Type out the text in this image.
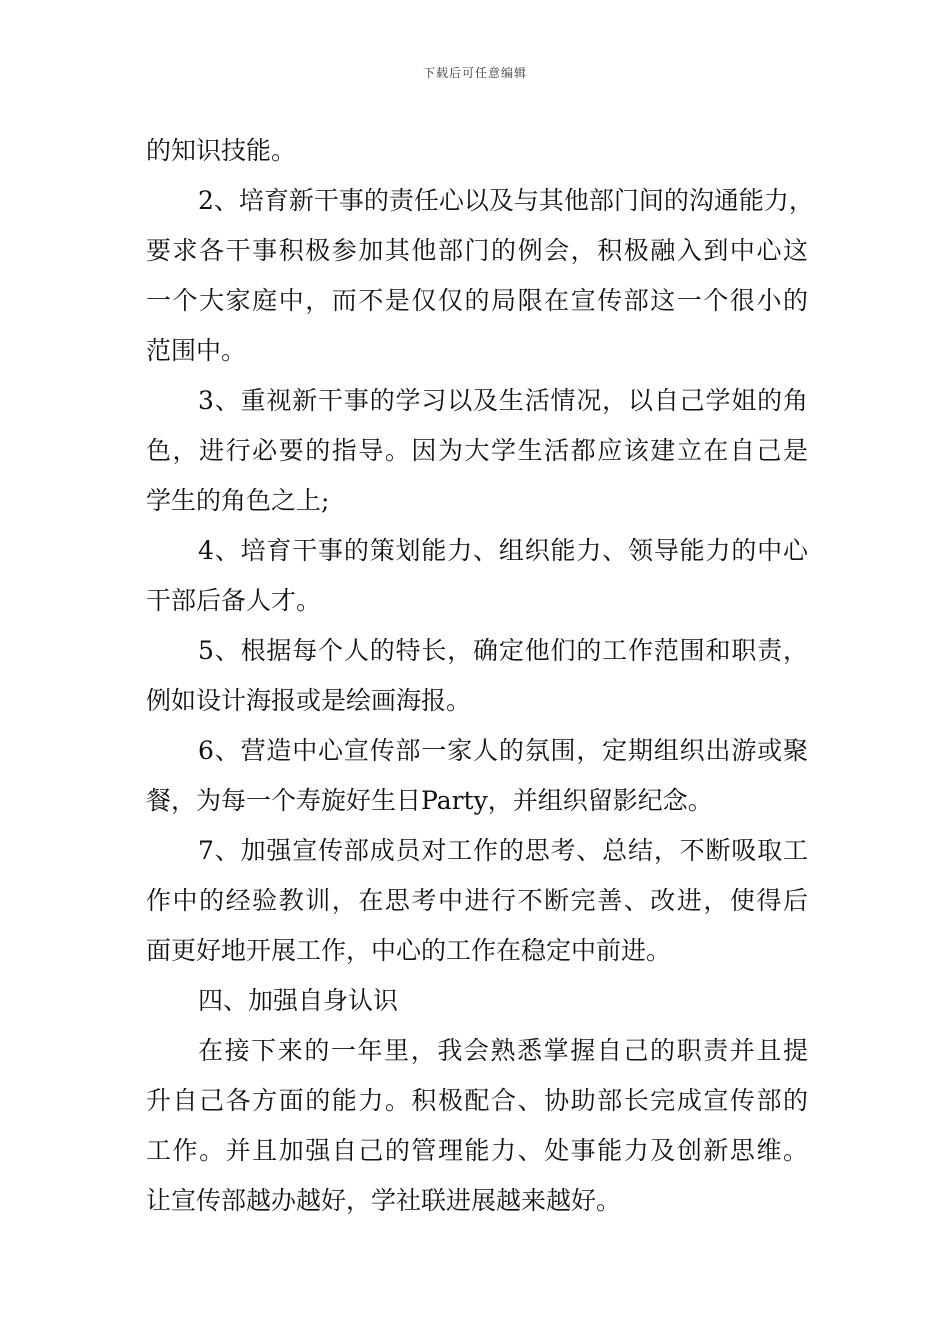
下载后可任意编辑
的知识技能。
2、培育新干事的责任心以及与其他部门间的沟通能力，
要求各干事积极参加其他部门的例会，积极融入到中心这
一个大家庭中，而不是仅仅的局限在宣传部这一个很小的
范围中。
3、重视新干事的学习以及生活情况，以自己学姐的角
色，进行必要的指导。因为大学生活都应该建立在自己是
学生的角色之上;
4、培育干事的策划能力、组织能力、领导能力的中心
干部后备人才。
5、根据每个人的特长，确定他们的工作范围和职责，
例如设计海报或是绘画海报。
6、营造中心宣传部一家人的氛围，定期组织出游或聚
餐，为每一个寿旋好生日Party，并组织留影纪念。
7、加强宣传部成员对工作的思考、总结，不断吸取工
作中的经验教训，在思考中进行不断完善、改进，使得后
面更好地开展工作，中心的工作在稳定中前进。
四、加强自身认识
在接下来的一年里，我会熟悉掌握自己的职责并且提
升自己各方面的能力。积极配合、协助部长完成宣传部的
工作。并且加强自己的管理能力、处事能力及创新思维。
让宣传部越办越好，学社联进展越来越好。
